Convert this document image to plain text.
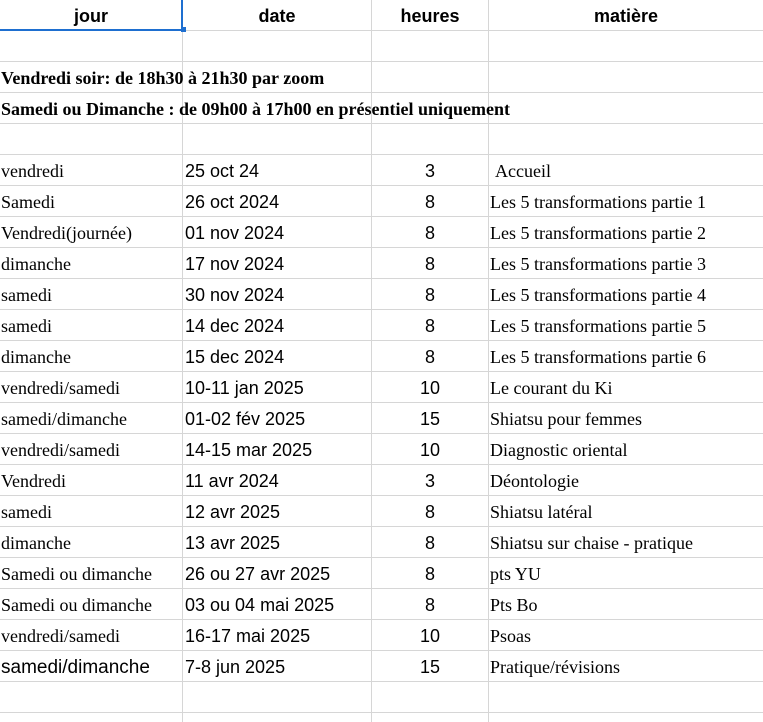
jour	date	heures	matière
Vendredi soir: de 18h30 à 21h30 par zoom
Samedi ou Dimanche : de 09h00 à 17h00 en présentiel uniquement
vendredi	25 oct 24	3	Accueil
Samedi	26 oct 2024	8	Les 5 transformations partie 1
Vendredi(journée)	01 nov 2024	8	Les 5 transformations partie 2
dimanche	17 nov 2024	8	Les 5 transformations partie 3
samedi	30 nov 2024	8	Les 5 transformations partie 4
samedi	14 dec 2024	8	Les 5 transformations partie 5
dimanche	15 dec 2024	8	Les 5 transformations partie 6
vendredi/samedi	10-11 jan 2025	10	Le courant du Ki
samedi/dimanche	01-02 fév 2025	15	Shiatsu pour femmes
vendredi/samedi	14-15 mar 2025	10	Diagnostic oriental
Vendredi	11 avr 2024	3	Déontologie
samedi	12 avr 2025	8	Shiatsu latéral
dimanche	13 avr 2025	8	Shiatsu sur chaise - pratique
Samedi ou dimanche	26 ou 27 avr 2025	8	pts YU
Samedi ou dimanche	03 ou 04 mai 2025	8	Pts Bo
vendredi/samedi	16-17 mai 2025	10	Psoas
samedi/dimanche	7-8 jun 2025	15	Pratique/révisions
